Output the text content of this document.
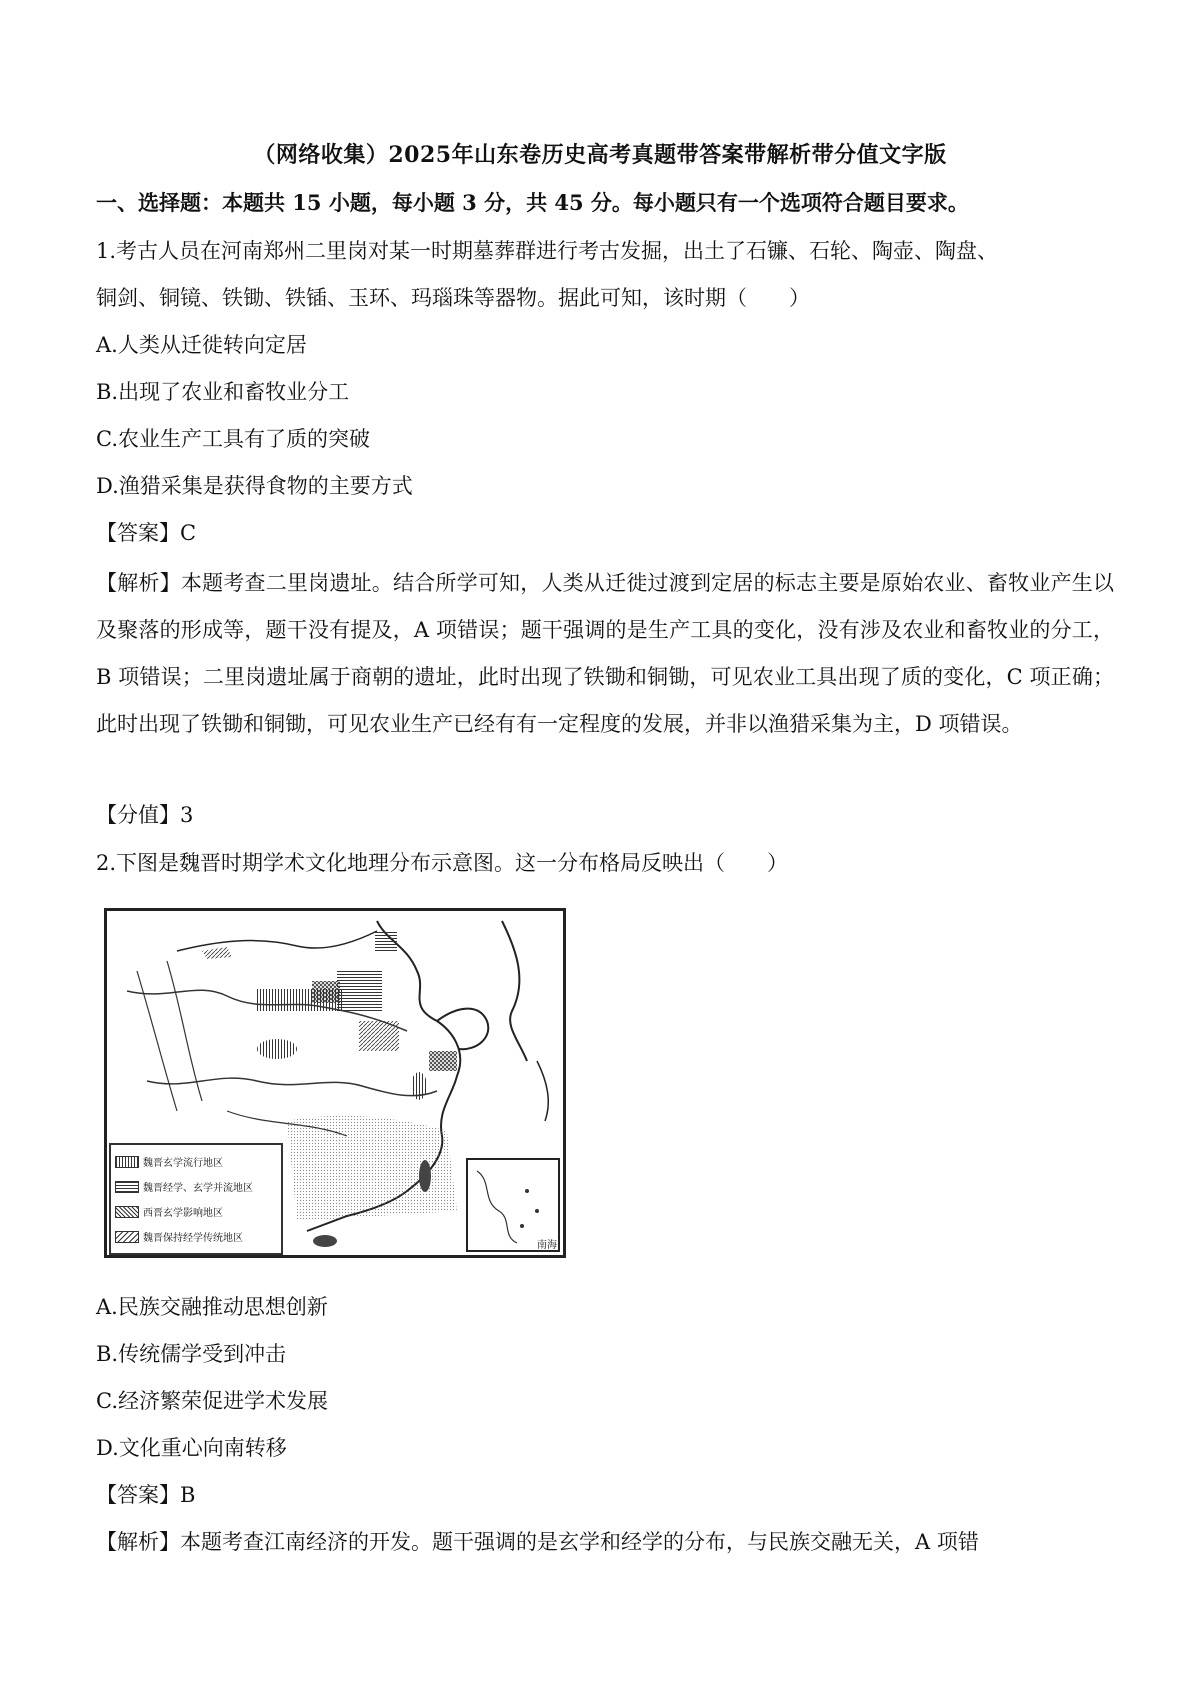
（网络收集）2025年山东卷历史高考真题带答案带解析带分值文字版
一、选择题：本题共 15 小题，每小题 3 分，共 45 分。每小题只有一个选项符合题目要求。
1.考古人员在河南郑州二里岗对某一时期墓葬群进行考古发掘，出土了石镰、石轮、陶壶、陶盘、
铜剑、铜镜、铁锄、铁锸、玉环、玛瑙珠等器物。据此可知，该时期（　　）
A.人类从迁徙转向定居
B.出现了农业和畜牧业分工
C.农业生产工具有了质的突破
D.渔猎采集是获得食物的主要方式
【答案】C
【解析】本题考查二里岗遗址。结合所学可知，人类从迁徙过渡到定居的标志主要是原始农业、畜牧业产生以及聚落的形成等，题干没有提及，A 项错误；题干强调的是生产工具的变化，没有涉及农业和畜牧业的分工，B 项错误；二里岗遗址属于商朝的遗址，此时出现了铁锄和铜锄，可见农业工具出现了质的变化，C 项正确；此时出现了铁锄和铜锄，可见农业生产已经有有一定程度的发展，并非以渔猎采集为主，D 项错误。
【分值】3
2.下图是魏晋时期学术文化地理分布示意图。这一分布格局反映出（　　）
魏晋玄学流行地区
魏晋经学、玄学并流地区
西晋玄学影响地区
魏晋保持经学传统地区
南海
A.民族交融推动思想创新
B.传统儒学受到冲击
C.经济繁荣促进学术发展
D.文化重心向南转移
【答案】B
【解析】本题考查江南经济的开发。题干强调的是玄学和经学的分布，与民族交融无关，A 项错
